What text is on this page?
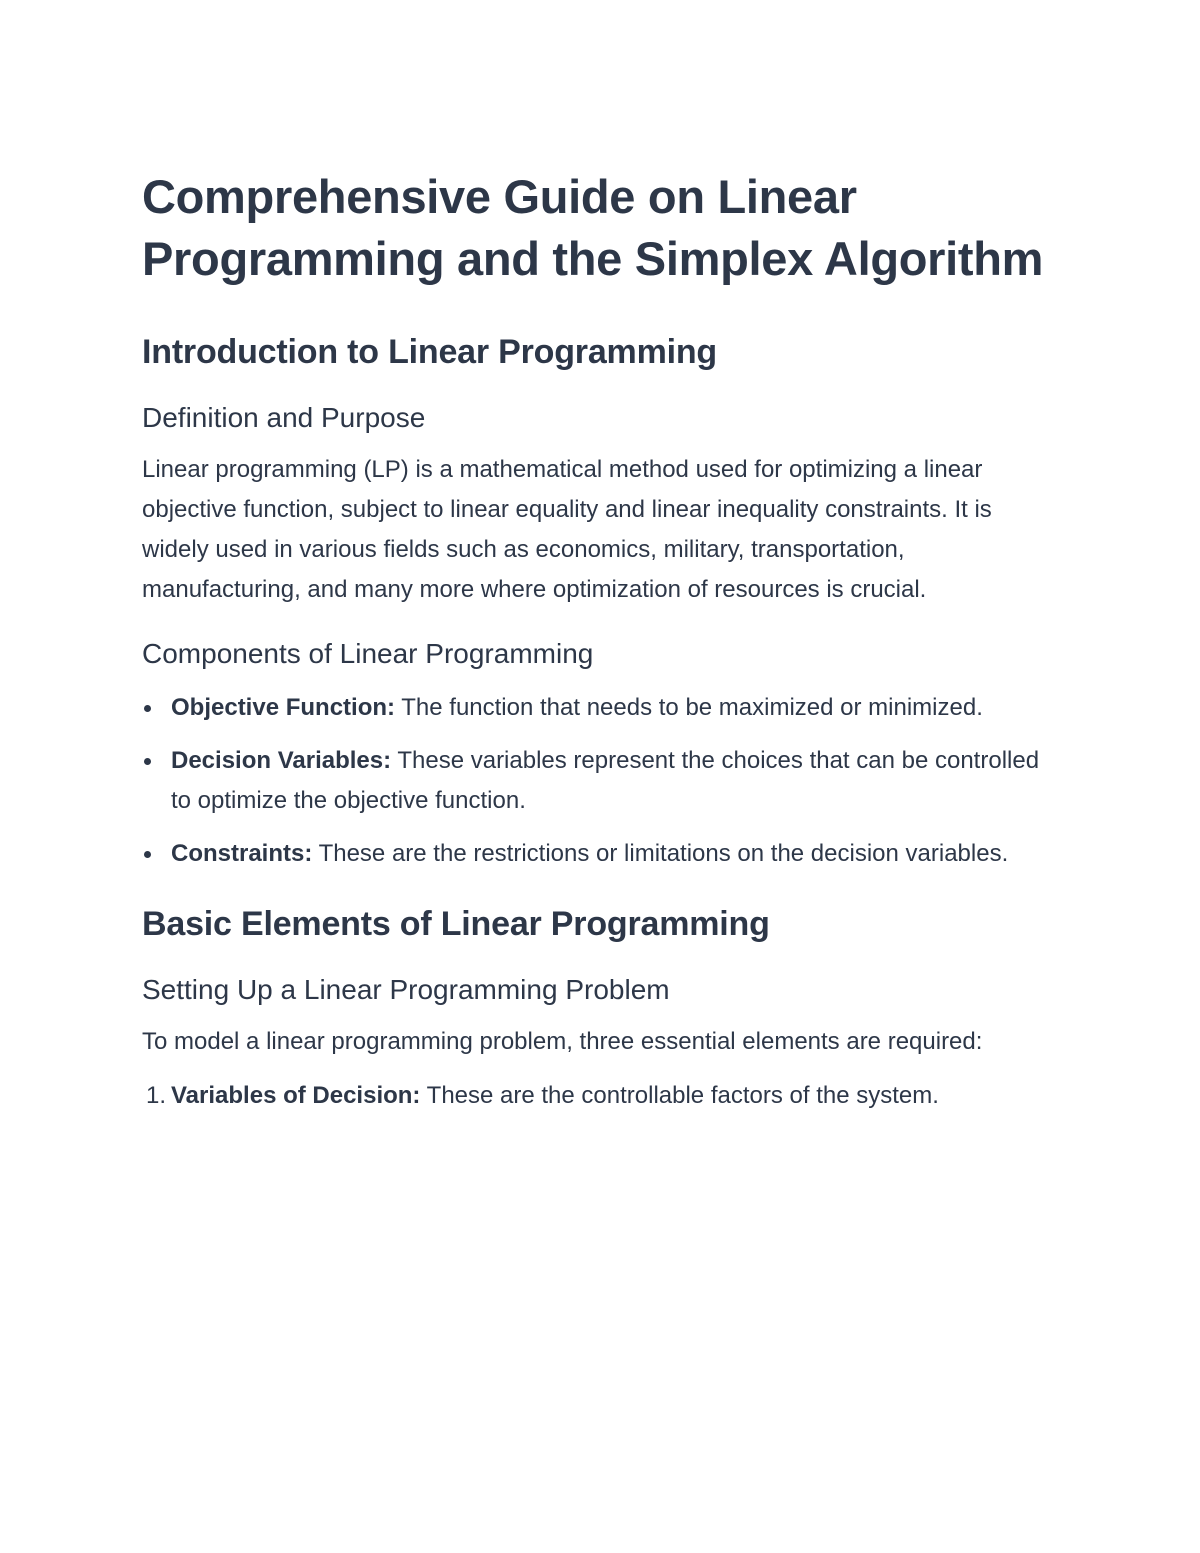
Comprehensive Guide on Linear Programming and the Simplex Algorithm
Introduction to Linear Programming
Definition and Purpose

Linear programming (LP) is a mathematical method used for optimizing a linear objective function, subject to linear equality and linear inequality constraints. It is widely used in various fields such as economics, military, transportation, manufacturing, and many more where optimization of resources is crucial.

Components of Linear Programming
Objective Function: The function that needs to be maximized or minimized.
Decision Variables: These variables represent the choices that can be controlled to optimize the objective function.
Constraints: These are the restrictions or limitations on the decision variables.
Basic Elements of Linear Programming
Setting Up a Linear Programming Problem

To model a linear programming problem, three essential elements are required:

1. Variables of Decision: These are the controllable factors of the system.
